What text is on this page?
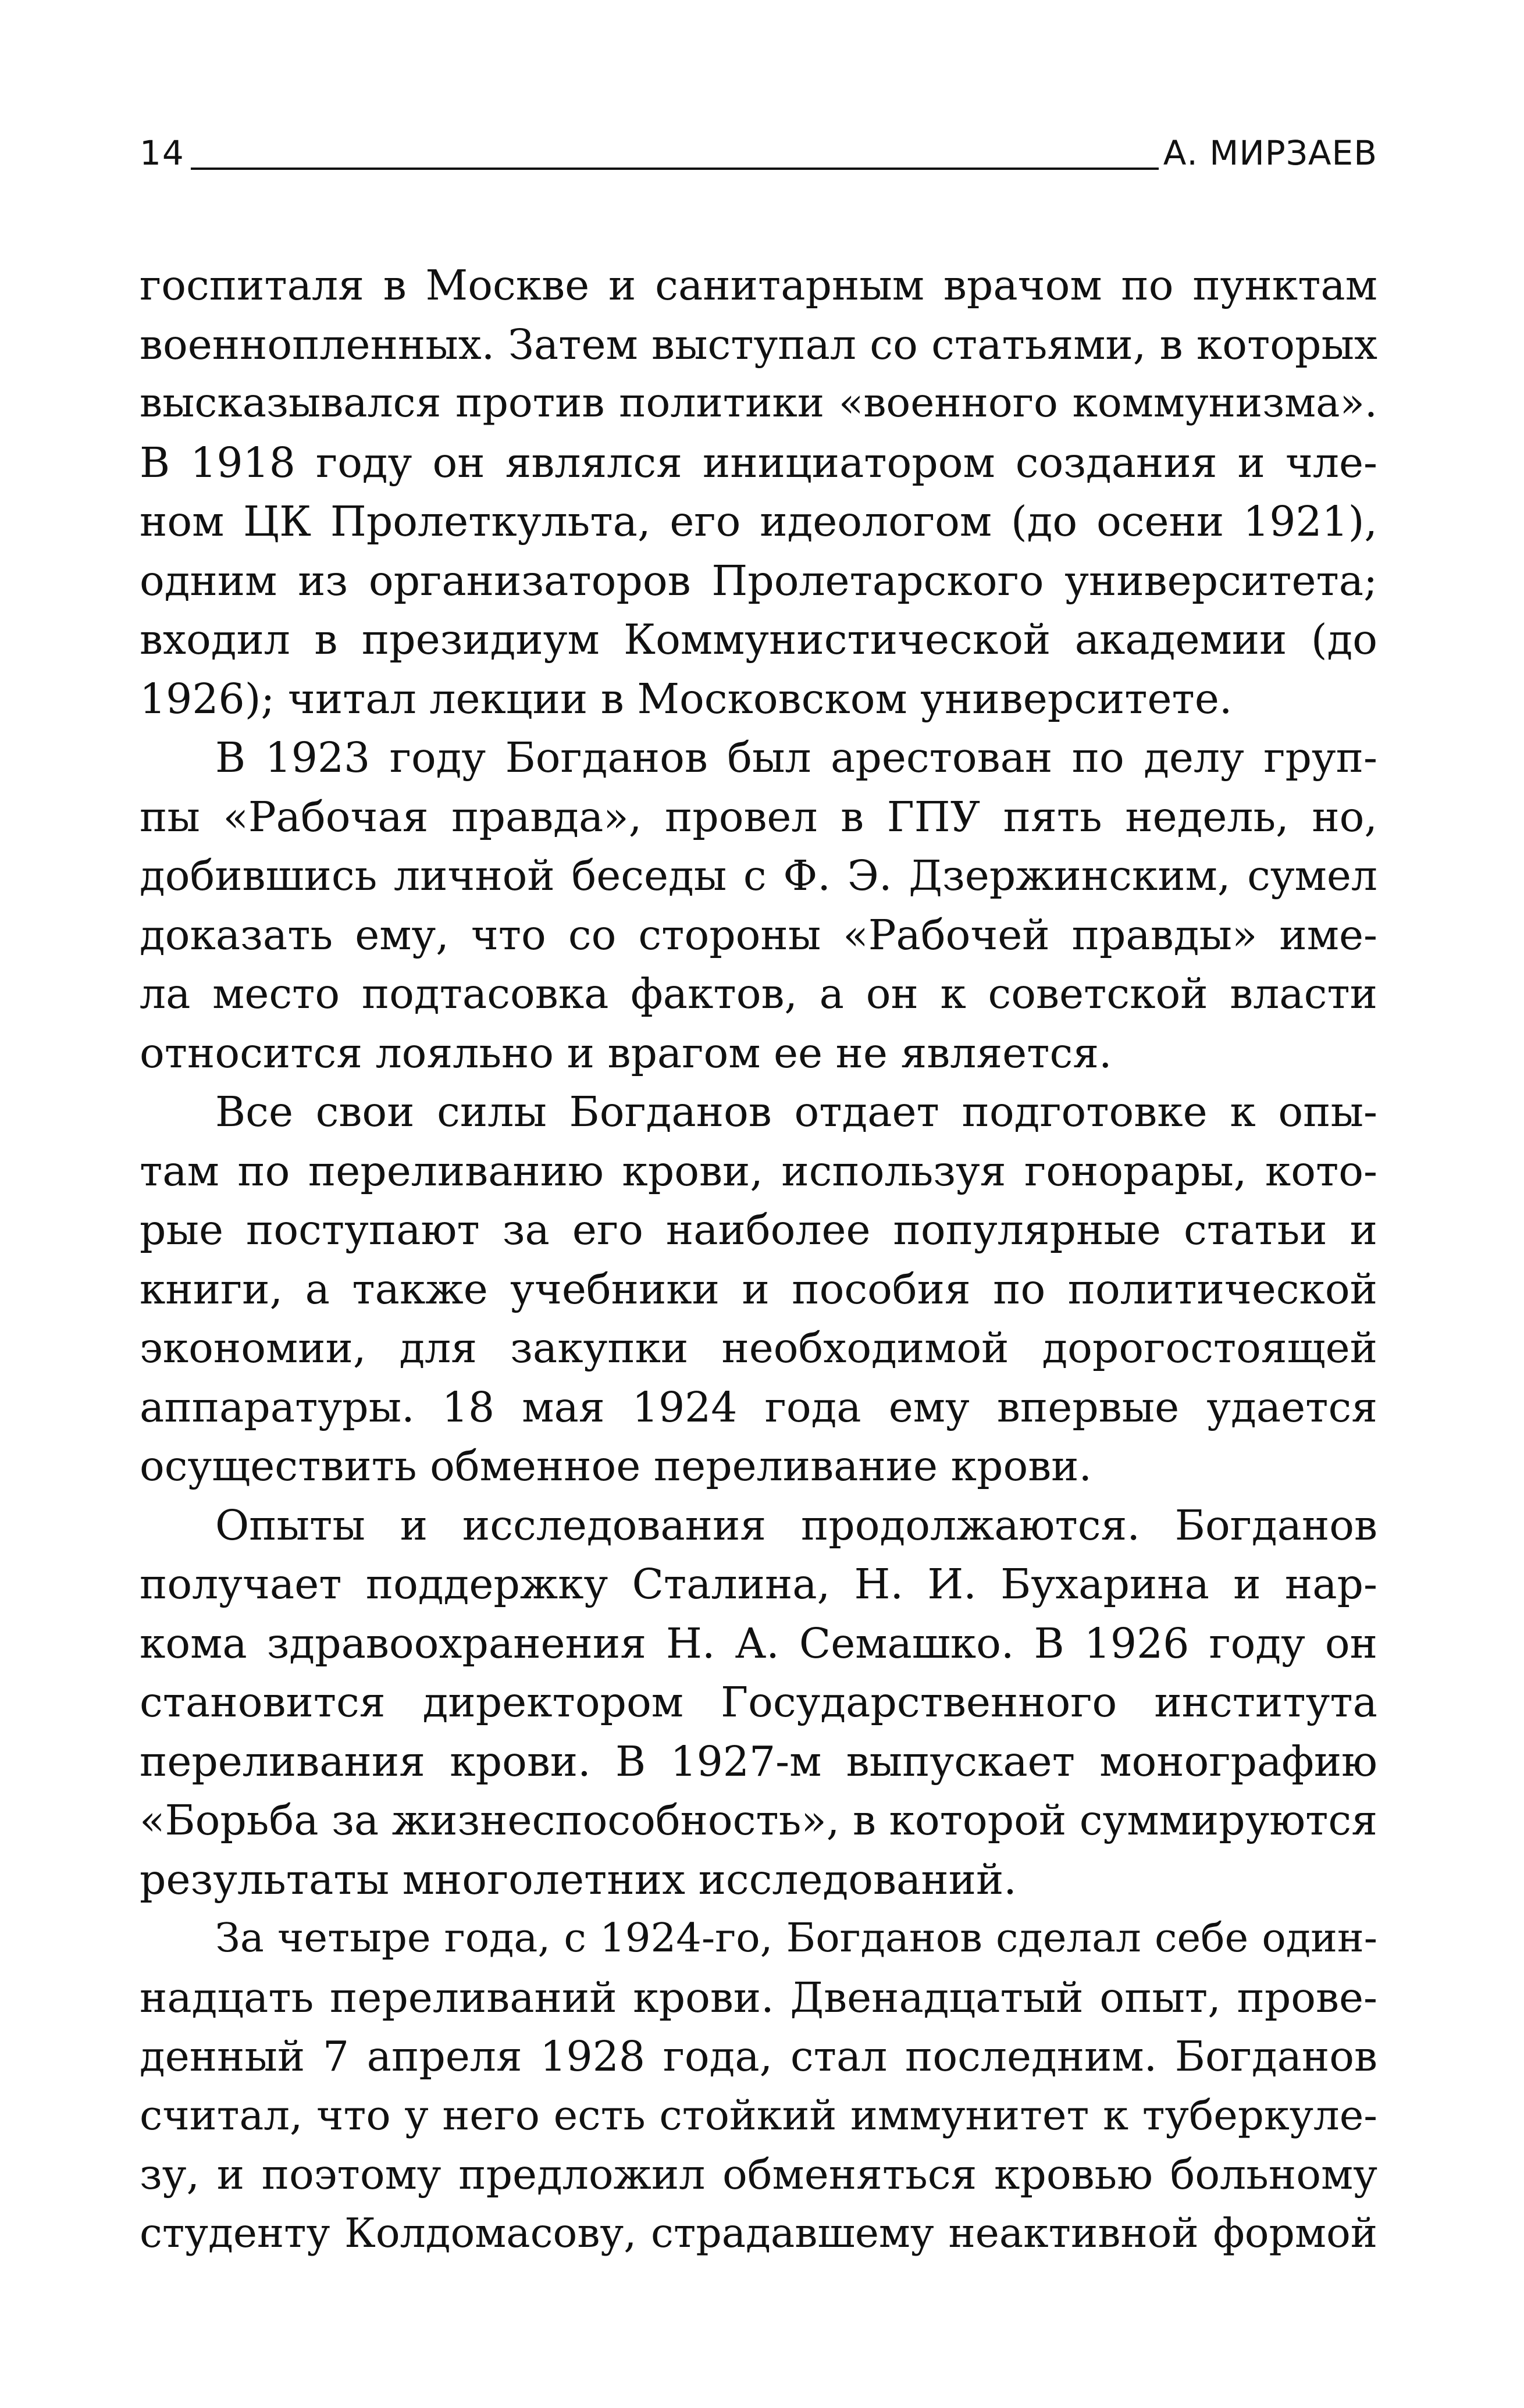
14	А. МИРЗАЕВ
госпиталя в Москве и санитарным врачом по пунктам
военнопленных. Затем выступал со статьями, в которых
высказывался против политики «военного коммунизма».
В 1918 году он являлся инициатором создания и чле-
ном ЦК Пролеткульта, его идеологом (до осени 1921),
одним из организаторов Пролетарского университета;
входил в президиум Коммунистической академии (до
1926); читал лекции в Московском университете.
В 1923 году Богданов был арестован по делу груп-
пы «Рабочая правда», провел в ГПУ пять недель, но,
добившись личной беседы с Ф. Э. Дзержинским, сумел
доказать ему, что со стороны «Рабочей правды» име-
ла место подтасовка фактов, а он к советской власти
относится лояльно и врагом ее не является.
Все свои силы Богданов отдает подготовке к опы-
там по переливанию крови, используя гонорары, кото-
рые поступают за его наиболее популярные статьи и
книги, а также учебники и пособия по политической
экономии, для закупки необходимой дорогостоящей
аппаратуры. 18 мая 1924 года ему впервые удается
осуществить обменное переливание крови.
Опыты и исследования продолжаются. Богданов
получает поддержку Сталина, Н. И. Бухарина и нар-
кома здравоохранения Н. А. Семашко. В 1926 году он
становится директором Государственного института
переливания крови. В 1927-м выпускает монографию
«Борьба за жизнеспособность», в которой суммируются
результаты многолетних исследований.
За четыре года, с 1924-го, Богданов сделал себе один-
надцать переливаний крови. Двенадцатый опыт, прове-
денный 7 апреля 1928 года, стал последним. Богданов
считал, что у него есть стойкий иммунитет к туберкуле-
зу, и поэтому предложил обменяться кровью больному
студенту Колдомасову, страдавшему неактивной формой
